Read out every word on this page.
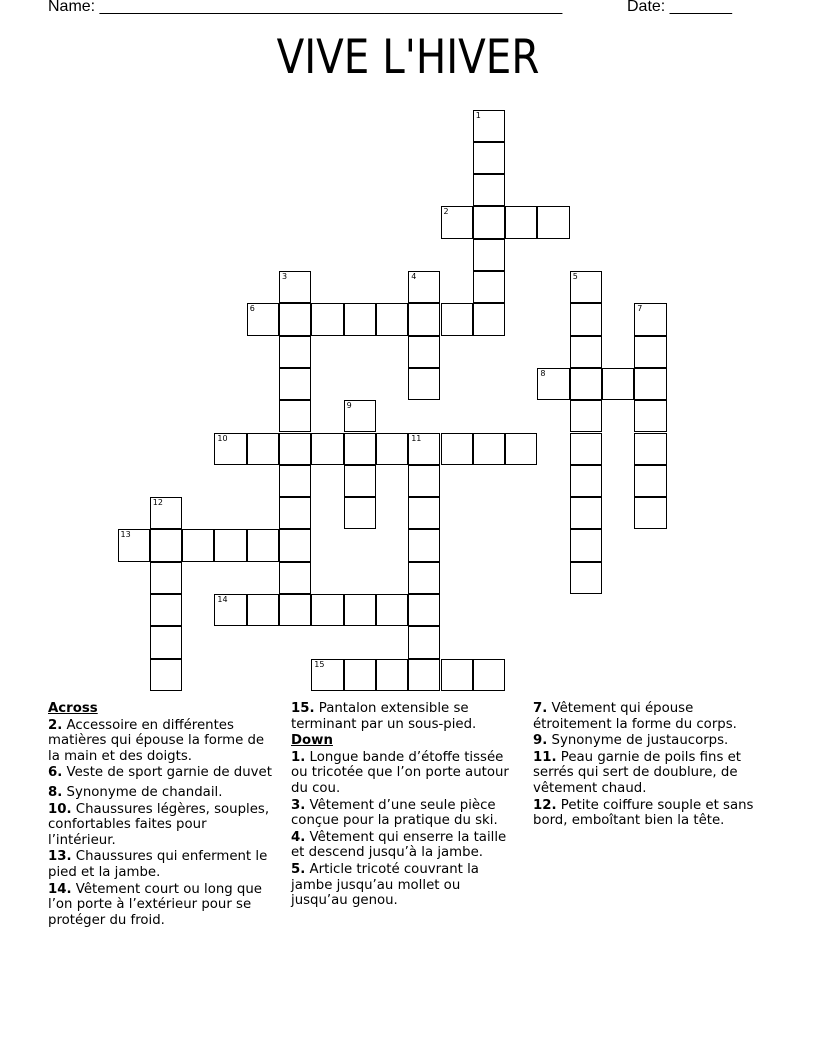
Name: ____________________________________________________	Date: _______
VIVE L'HIVER
1
2
3	4	5
6	7
8
9
10	11
12
13
14
15
Across

2. Accessoire en différentes matières qui épouse la forme de la main et des doigts.

6. Veste de sport garnie de duvet

8. Synonyme de chandail.

10. Chaussures légères, souples, confortables faites pour l’intérieur.

13. Chaussures qui enferment le pied et la jambe.

14. Vêtement court ou long que l’on porte à l’extérieur pour se protéger du froid.

15. Pantalon extensible se terminant par un sous-pied.

Down

1. Longue bande d’étoffe tissée ou tricotée que l’on porte autour du cou.

3. Vêtement d’une seule pièce conçue pour la pratique du ski.

4. Vêtement qui enserre la taille et descend jusqu’à la jambe.

5. Article tricoté couvrant la jambe jusqu’au mollet ou jusqu’au genou.

7. Vêtement qui épouse étroitement la forme du corps.

9. Synonyme de justaucorps.

11. Peau garnie de poils fins et serrés qui sert de doublure, de vêtement chaud.

12. Petite coiffure souple et sans bord, emboîtant bien la tête.
